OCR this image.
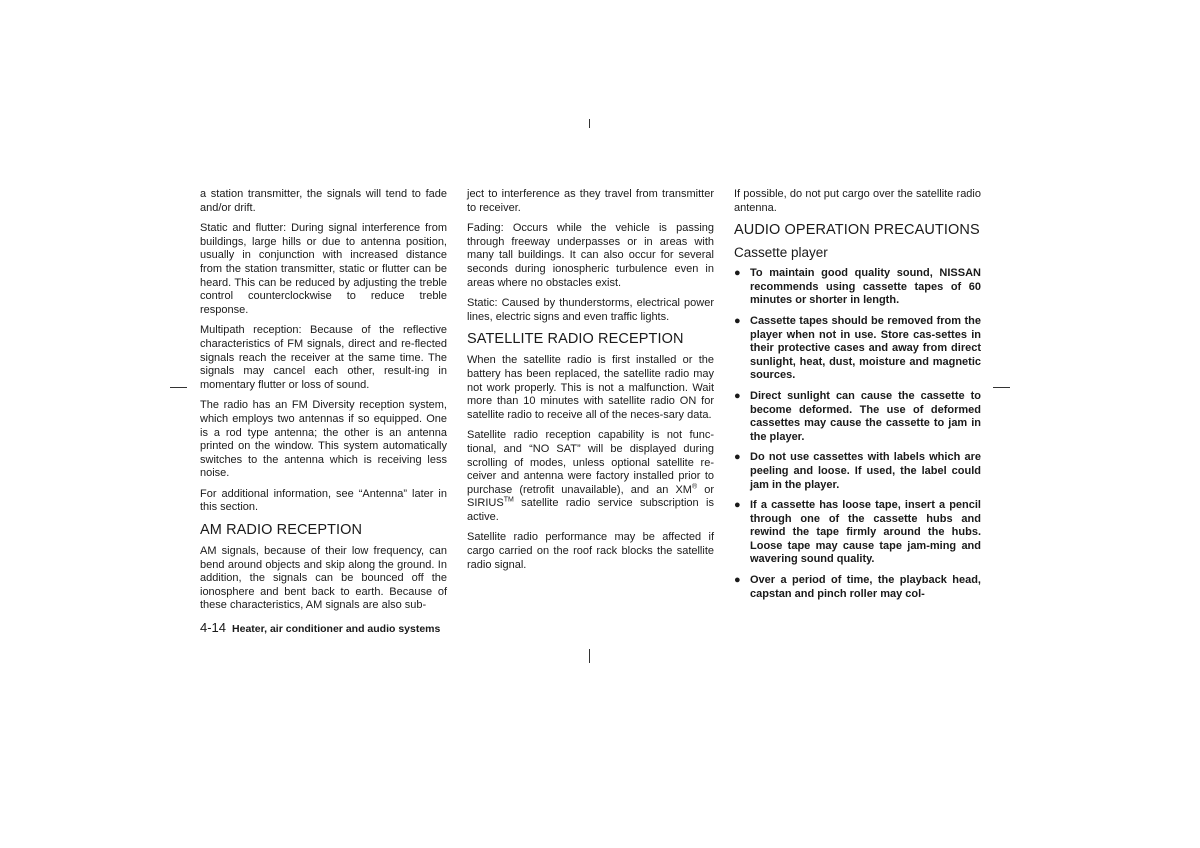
a station transmitter, the signals will tend to fade and/or drift.

Static and flutter: During signal interference from buildings, large hills or due to antenna position, usually in conjunction with increased distance from the station transmitter, static or flutter can be heard. This can be reduced by adjusting the treble control counterclockwise to reduce treble response.

Multipath reception: Because of the reflective characteristics of FM signals, direct and re-flected signals reach the receiver at the same time. The signals may cancel each other, result-ing in momentary flutter or loss of sound.

The radio has an FM Diversity reception system, which employs two antennas if so equipped. One is a rod type antenna; the other is an antenna printed on the window. This system automatically switches to the antenna which is receiving less noise.

For additional information, see “Antenna” later in this section.

AM RADIO RECEPTION

AM signals, because of their low frequency, can bend around objects and skip along the ground. In addition, the signals can be bounced off the ionosphere and bent back to earth. Because of these characteristics, AM signals are also sub-

ject to interference as they travel from transmitter to receiver.

Fading: Occurs while the vehicle is passing through freeway underpasses or in areas with many tall buildings. It can also occur for several seconds during ionospheric turbulence even in areas where no obstacles exist.

Static: Caused by thunderstorms, electrical power lines, electric signs and even traffic lights.

SATELLITE RADIO RECEPTION

When the satellite radio is first installed or the battery has been replaced, the satellite radio may not work properly. This is not a malfunction. Wait more than 10 minutes with satellite radio ON for satellite radio to receive all of the neces-sary data.

Satellite radio reception capability is not func-tional, and “NO SAT” will be displayed during scrolling of modes, unless optional satellite re-ceiver and antenna were factory installed prior to purchase (retrofit unavailable), and an XM® or SIRIUS™ satellite radio service subscription is active.

Satellite radio performance may be affected if cargo carried on the roof rack blocks the satellite radio signal.

If possible, do not put cargo over the satellite radio antenna.

AUDIO OPERATION PRECAUTIONS
Cassette player
● To maintain good quality sound, NISSAN recommends using cassette tapes of 60 minutes or shorter in length.
● Cassette tapes should be removed from the player when not in use. Store cas-settes in their protective cases and away from direct sunlight, heat, dust, moisture and magnetic sources.
● Direct sunlight can cause the cassette to become deformed. The use of deformed cassettes may cause the cassette to jam in the player.
● Do not use cassettes with labels which are peeling and loose. If used, the label could jam in the player.
● If a cassette has loose tape, insert a pencil through one of the cassette hubs and rewind the tape firmly around the hubs. Loose tape may cause tape jam-ming and wavering sound quality.
● Over a period of time, the playback head, capstan and pinch roller may col-
4-14 Heater, air conditioner and audio systems
